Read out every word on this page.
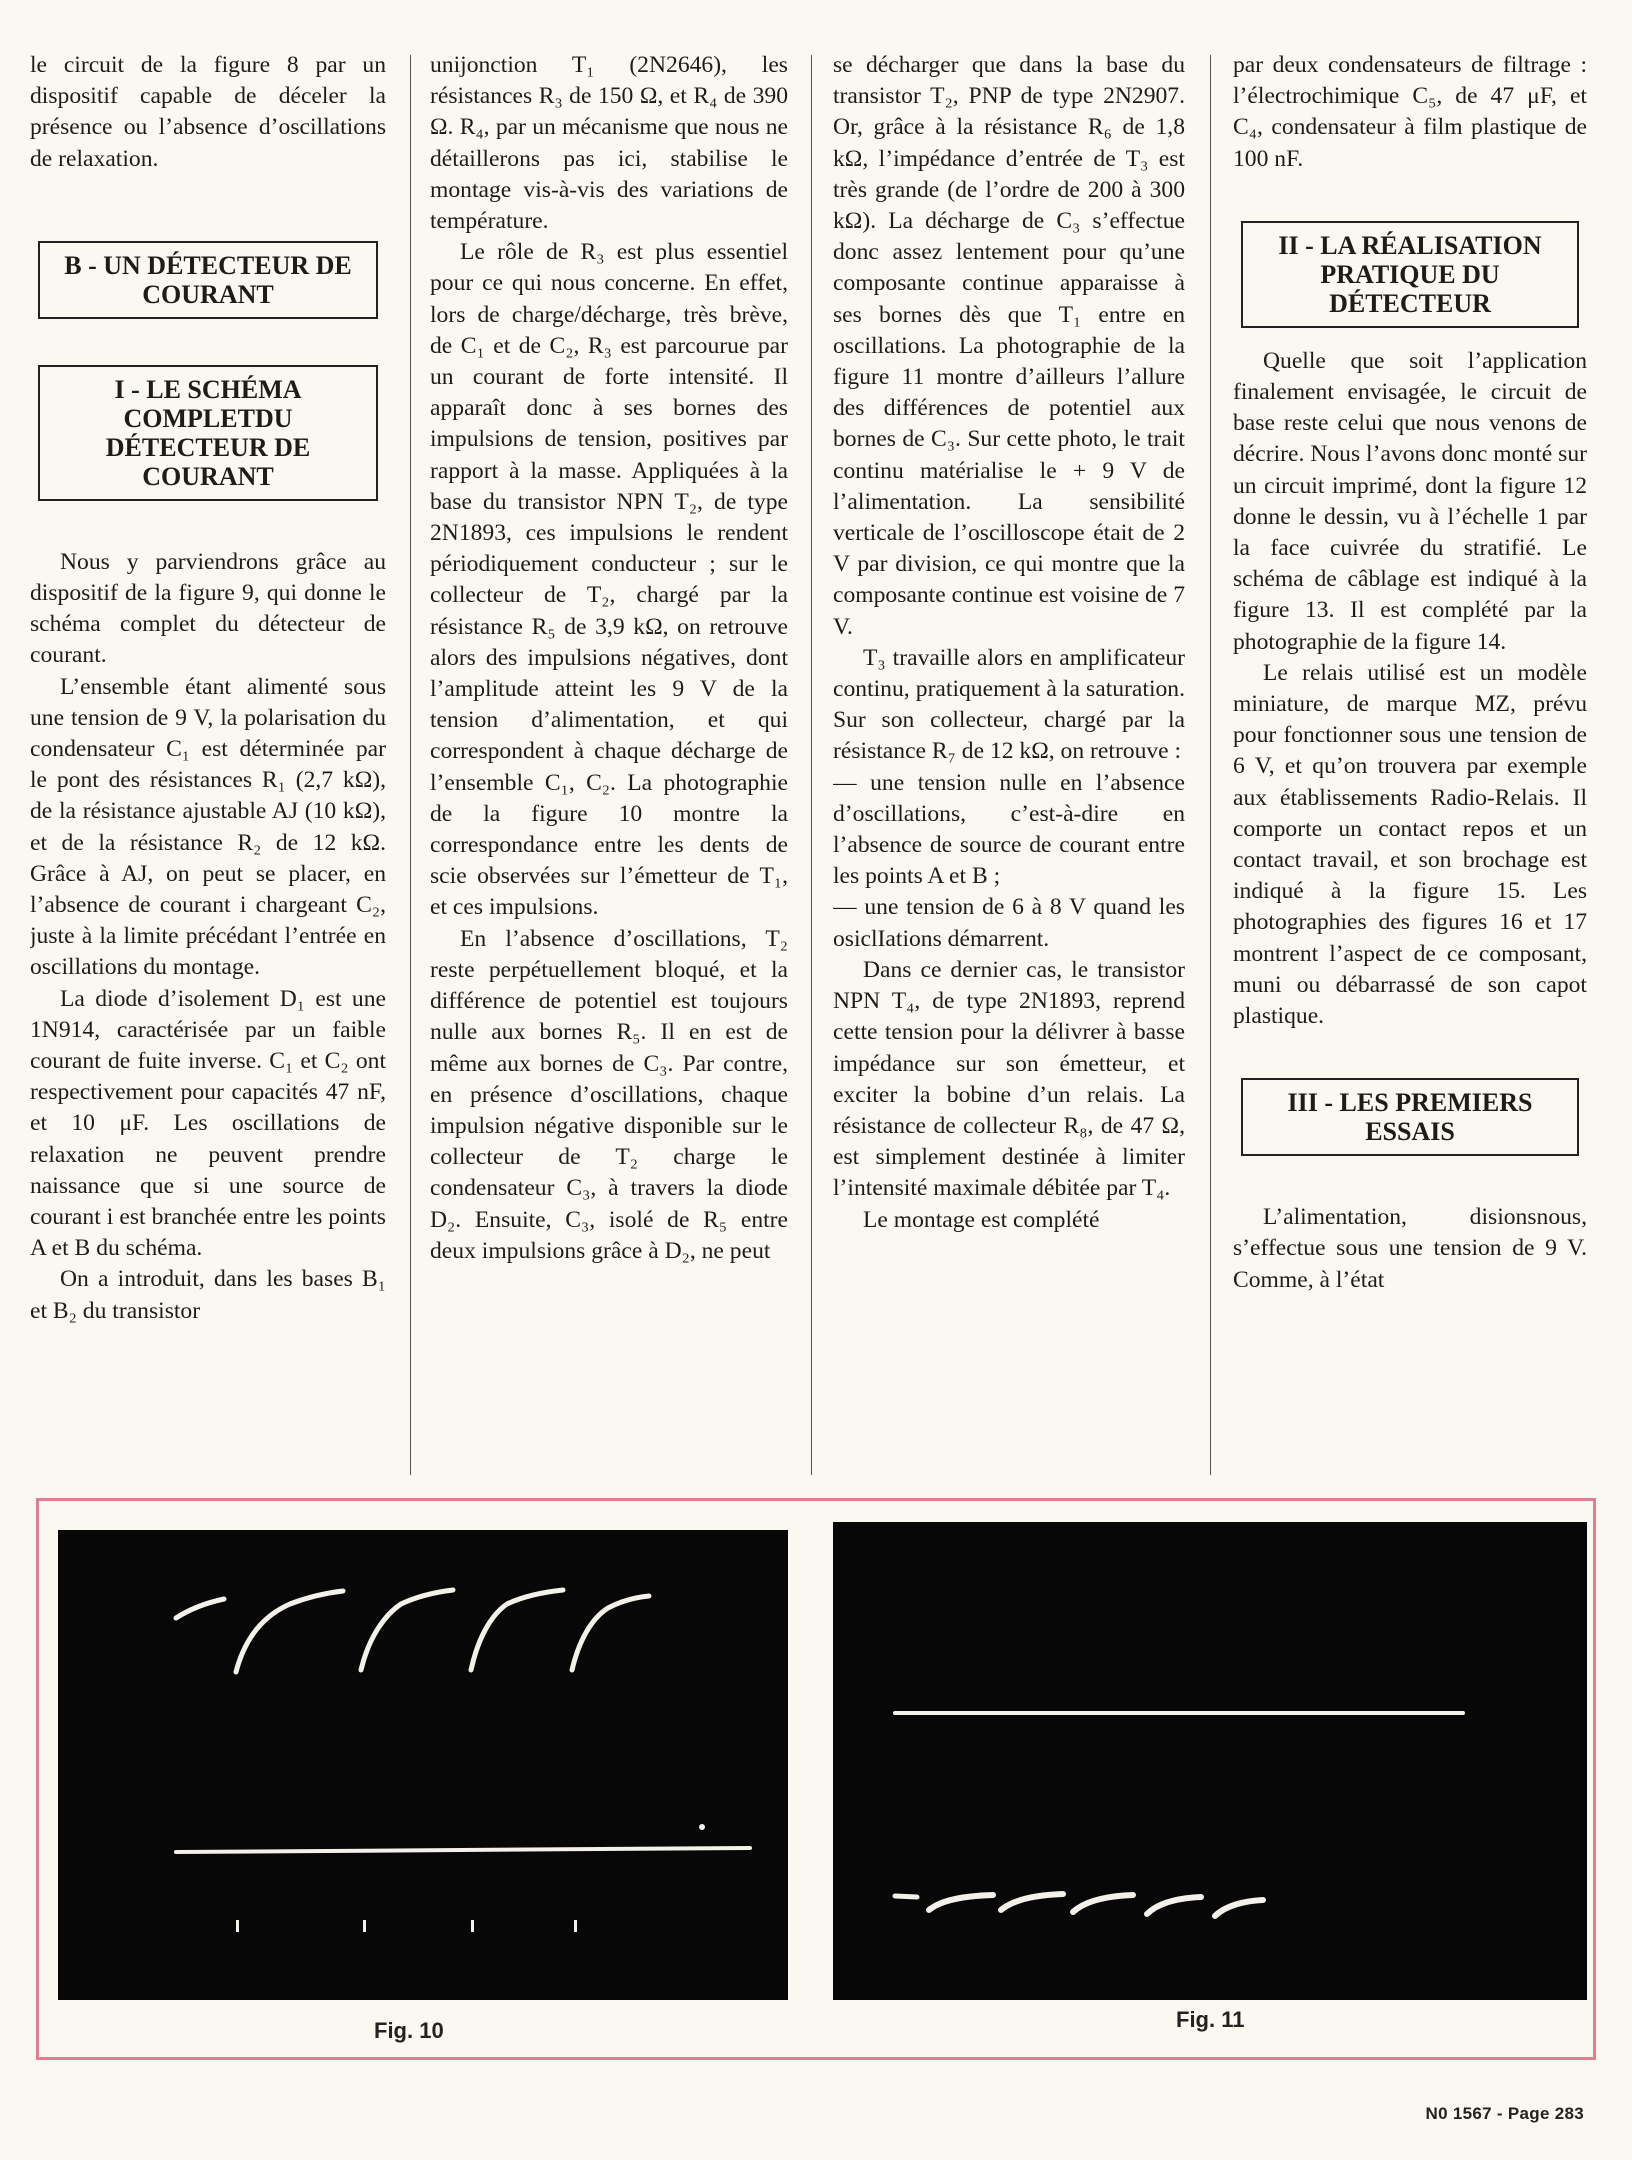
le circuit de la figure 8 par un dispositif capable de déceler la présence ou l’absence d’oscillations de relaxation.

B - UN DÉTECTEUR DE COURANT
I - LE SCHÉMA COMPLETDU DÉTECTEUR DE COURANT

Nous y parviendrons grâce au dispositif de la figure 9, qui donne le schéma complet du détecteur de courant.

L’ensemble étant alimenté sous une tension de 9 V, la polarisation du condensateur C₁ est déterminée par le pont des résistances R₁ (2,7 kΩ), de la résistance ajustable AJ (10 kΩ), et de la résistance R₂ de 12 kΩ. Grâce à AJ, on peut se placer, en l’absence de courant i chargeant C₂, juste à la limite précédant l’entrée en oscillations du montage.

La diode d’isolement D₁ est une 1N914, caractérisée par un faible courant de fuite inverse. C₁ et C₂ ont respectivement pour capacités 47 nF, et 10 μF. Les oscillations de relaxation ne peuvent prendre naissance que si une source de courant i est branchée entre les points A et B du schéma.

On a introduit, dans les bases B₁ et B₂ du transistor

unijonction T₁ (2N2646), les résistances R₃ de 150 Ω, et R₄ de 390 Ω. R₄, par un mécanisme que nous ne détaillerons pas ici, stabilise le montage vis-à-vis des variations de température.

Le rôle de R₃ est plus essentiel pour ce qui nous concerne. En effet, lors de charge/décharge, très brève, de C₁ et de C₂, R₃ est parcourue par un courant de forte intensité. Il apparaît donc à ses bornes des impulsions de tension, positives par rapport à la masse. Appliquées à la base du transistor NPN T₂, de type 2N1893, ces impulsions le rendent périodiquement conducteur ; sur le collecteur de T₂, chargé par la résistance R₅ de 3,9 kΩ, on retrouve alors des impulsions négatives, dont l’amplitude atteint les 9 V de la tension d’alimentation, et qui correspondent à chaque décharge de l’ensemble C₁, C₂. La photographie de la figure 10 montre la correspondance entre les dents de scie observées sur l’émetteur de T₁, et ces impulsions.

En l’absence d’oscillations, T₂ reste perpétuellement bloqué, et la différence de potentiel est toujours nulle aux bornes R₅. Il en est de même aux bornes de C₃. Par contre, en présence d’oscillations, chaque impulsion négative disponible sur le collecteur de T₂ charge le condensateur C₃, à travers la diode D₂. Ensuite, C₃, isolé de R₅ entre deux impulsions grâce à D₂, ne peut

se décharger que dans la base du transistor T₂, PNP de type 2N2907. Or, grâce à la résistance R₆ de 1,8 kΩ, l’impédance d’entrée de T₃ est très grande (de l’ordre de 200 à 300 kΩ). La décharge de C₃ s’effectue donc assez lentement pour qu’une composante continue apparaisse à ses bornes dès que T₁ entre en oscillations. La photographie de la figure 11 montre d’ailleurs l’allure des différences de potentiel aux bornes de C₃. Sur cette photo, le trait continu matérialise le + 9 V de l’alimentation. La sensibilité verticale de l’oscilloscope était de 2 V par division, ce qui montre que la composante continue est voisine de 7 V.

T₃ travaille alors en amplificateur continu, pratiquement à la saturation. Sur son collecteur, chargé par la résistance R₇ de 12 kΩ, on retrouve :

— une tension nulle en l’absence d’oscillations, c’est-à-dire en l’absence de source de courant entre les points A et B ;

— une tension de 6 à 8 V quand les osiclIations démarrent.

Dans ce dernier cas, le transistor NPN T₄, de type 2N1893, reprend cette tension pour la délivrer à basse impédance sur son émetteur, et exciter la bobine d’un relais. La résistance de collecteur R₈, de 47 Ω, est simplement destinée à limiter l’intensité maximale débitée par T₄.

Le montage est complété

par deux condensateurs de filtrage : l’électrochimique C₅, de 47 μF, et C₄, condensateur à film plastique de 100 nF.

II - LA RÉALISATION PRATIQUE DU DÉTECTEUR

Quelle que soit l’application finalement envisagée, le circuit de base reste celui que nous venons de décrire. Nous l’avons donc monté sur un circuit imprimé, dont la figure 12 donne le dessin, vu à l’échelle 1 par la face cuivrée du stratifié. Le schéma de câblage est indiqué à la figure 13. Il est complété par la photographie de la figure 14.

Le relais utilisé est un modèle miniature, de marque MZ, prévu pour fonctionner sous une tension de 6 V, et qu’on trouvera par exemple aux établissements Radio-Relais. Il comporte un contact repos et un contact travail, et son brochage est indiqué à la figure 15. Les photographies des figures 16 et 17 montrent l’aspect de ce composant, muni ou débarrassé de son capot plastique.

III - LES PREMIERS ESSAIS

L’alimentation, disionsnous, s’effectue sous une tension de 9 V. Comme, à l’état

Fig. 10	Fig. 11
N0 1567 - Page 283
